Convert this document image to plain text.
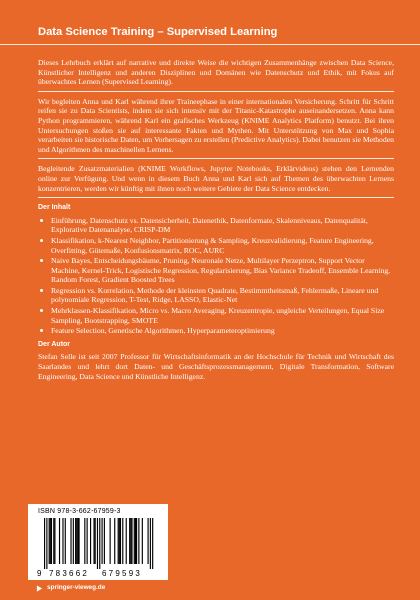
Data Science Training – Supervised Learning

Dieses Lehrbuch erklärt auf narrative und direkte Weise die wichtigen Zusammenhänge zwischen Data Science, Künstlicher Intelligenz und anderen Disziplinen und Domänen wie Datenschutz und Ethik, mit Fokus auf überwachtes Lernen (Supervised Learning).

Wir begleiten Anna und Karl während ihrer Traineephase in einer internationalen Versicherung. Schritt für Schritt reifen sie zu Data Scientists, indem sie sich intensiv mit der Titanic-Katastrophe auseinandersetzen. Anna kann Python programmieren, während Karl ein grafisches Werkzeug (KNIME Analytics Platform) benutzt. Bei ihren Untersuchungen stoßen sie auf interessante Fakten und Mythen. Mit Unterstützung von Max und Sophia verarbeiten sie historische Daten, um Vorhersagen zu erstellen (Predictive Analytics). Dabei benutzen sie Methoden und Algorithmen des maschinellen Lernens.

Begleitende Zusatzmaterialien (KNIME Workflows, Jupyter Notebooks, Erklärvideos) stehen den Lernenden online zur Verfügung. Und wenn in diesem Buch Anna und Karl sich auf Themen des überwachten Lernens konzentrieren, werden wir künftig mit ihnen noch weitere Gebiete der Data Science entdecken.

Der Inhalt
Einführung, Datenschutz vs. Datensicherheit, Datenethik, Datenformate, Skalenniveaus, Datenqualität, Explorative Datenanalyse, CRISP-DM
Klassifikation, k-Nearest Neighbor, Partitionierung & Sampling, Kreuzvalidierung, Feature Engineering, Overfitting, Gütemaße, Konfusionsmatrix, ROC, AURC
Naive Bayes, Entscheidungsbäume, Pruning, Neuronale Netze, Multilayer Perzeptron, Support Vector Machine, Kernel-Trick, Logistische Regression, Regularisierung, Bias Variance Tradeoff, Ensemble Learning, Random Forest, Gradient Boosted Trees
Regression vs. Korrelation, Methode der kleinsten Quadrate, Bestimmtheitsmaß, Fehlermaße, Lineare und polynomiale Regression, T-Test, Ridge, LASSO, Elastic-Net
Mehrklassen-Klassifikation, Micro vs. Macro Averaging, Kreuzentropie, ungleiche Verteilungen, Equal Size Sampling, Bootstrapping, SMOTE
Feature Selection, Genetische Algorithmen, Hyperparameteroptimierung
Der Autor

Stefan Selle ist seit 2007 Professor für Wirtschaftsinformatik an der Hochschule für Technik und Wirtschaft des Saarlandes und lehrt dort Daten- und Geschäftsprozessmanagement, Digitale Transformation, Software Engineering, Data Science und Künstliche Intelligenz.

ISBN 978-3-662-67959-3
9 7 8 3 6 6 2 6 7 9 5 9 3
springer-vieweg.de
